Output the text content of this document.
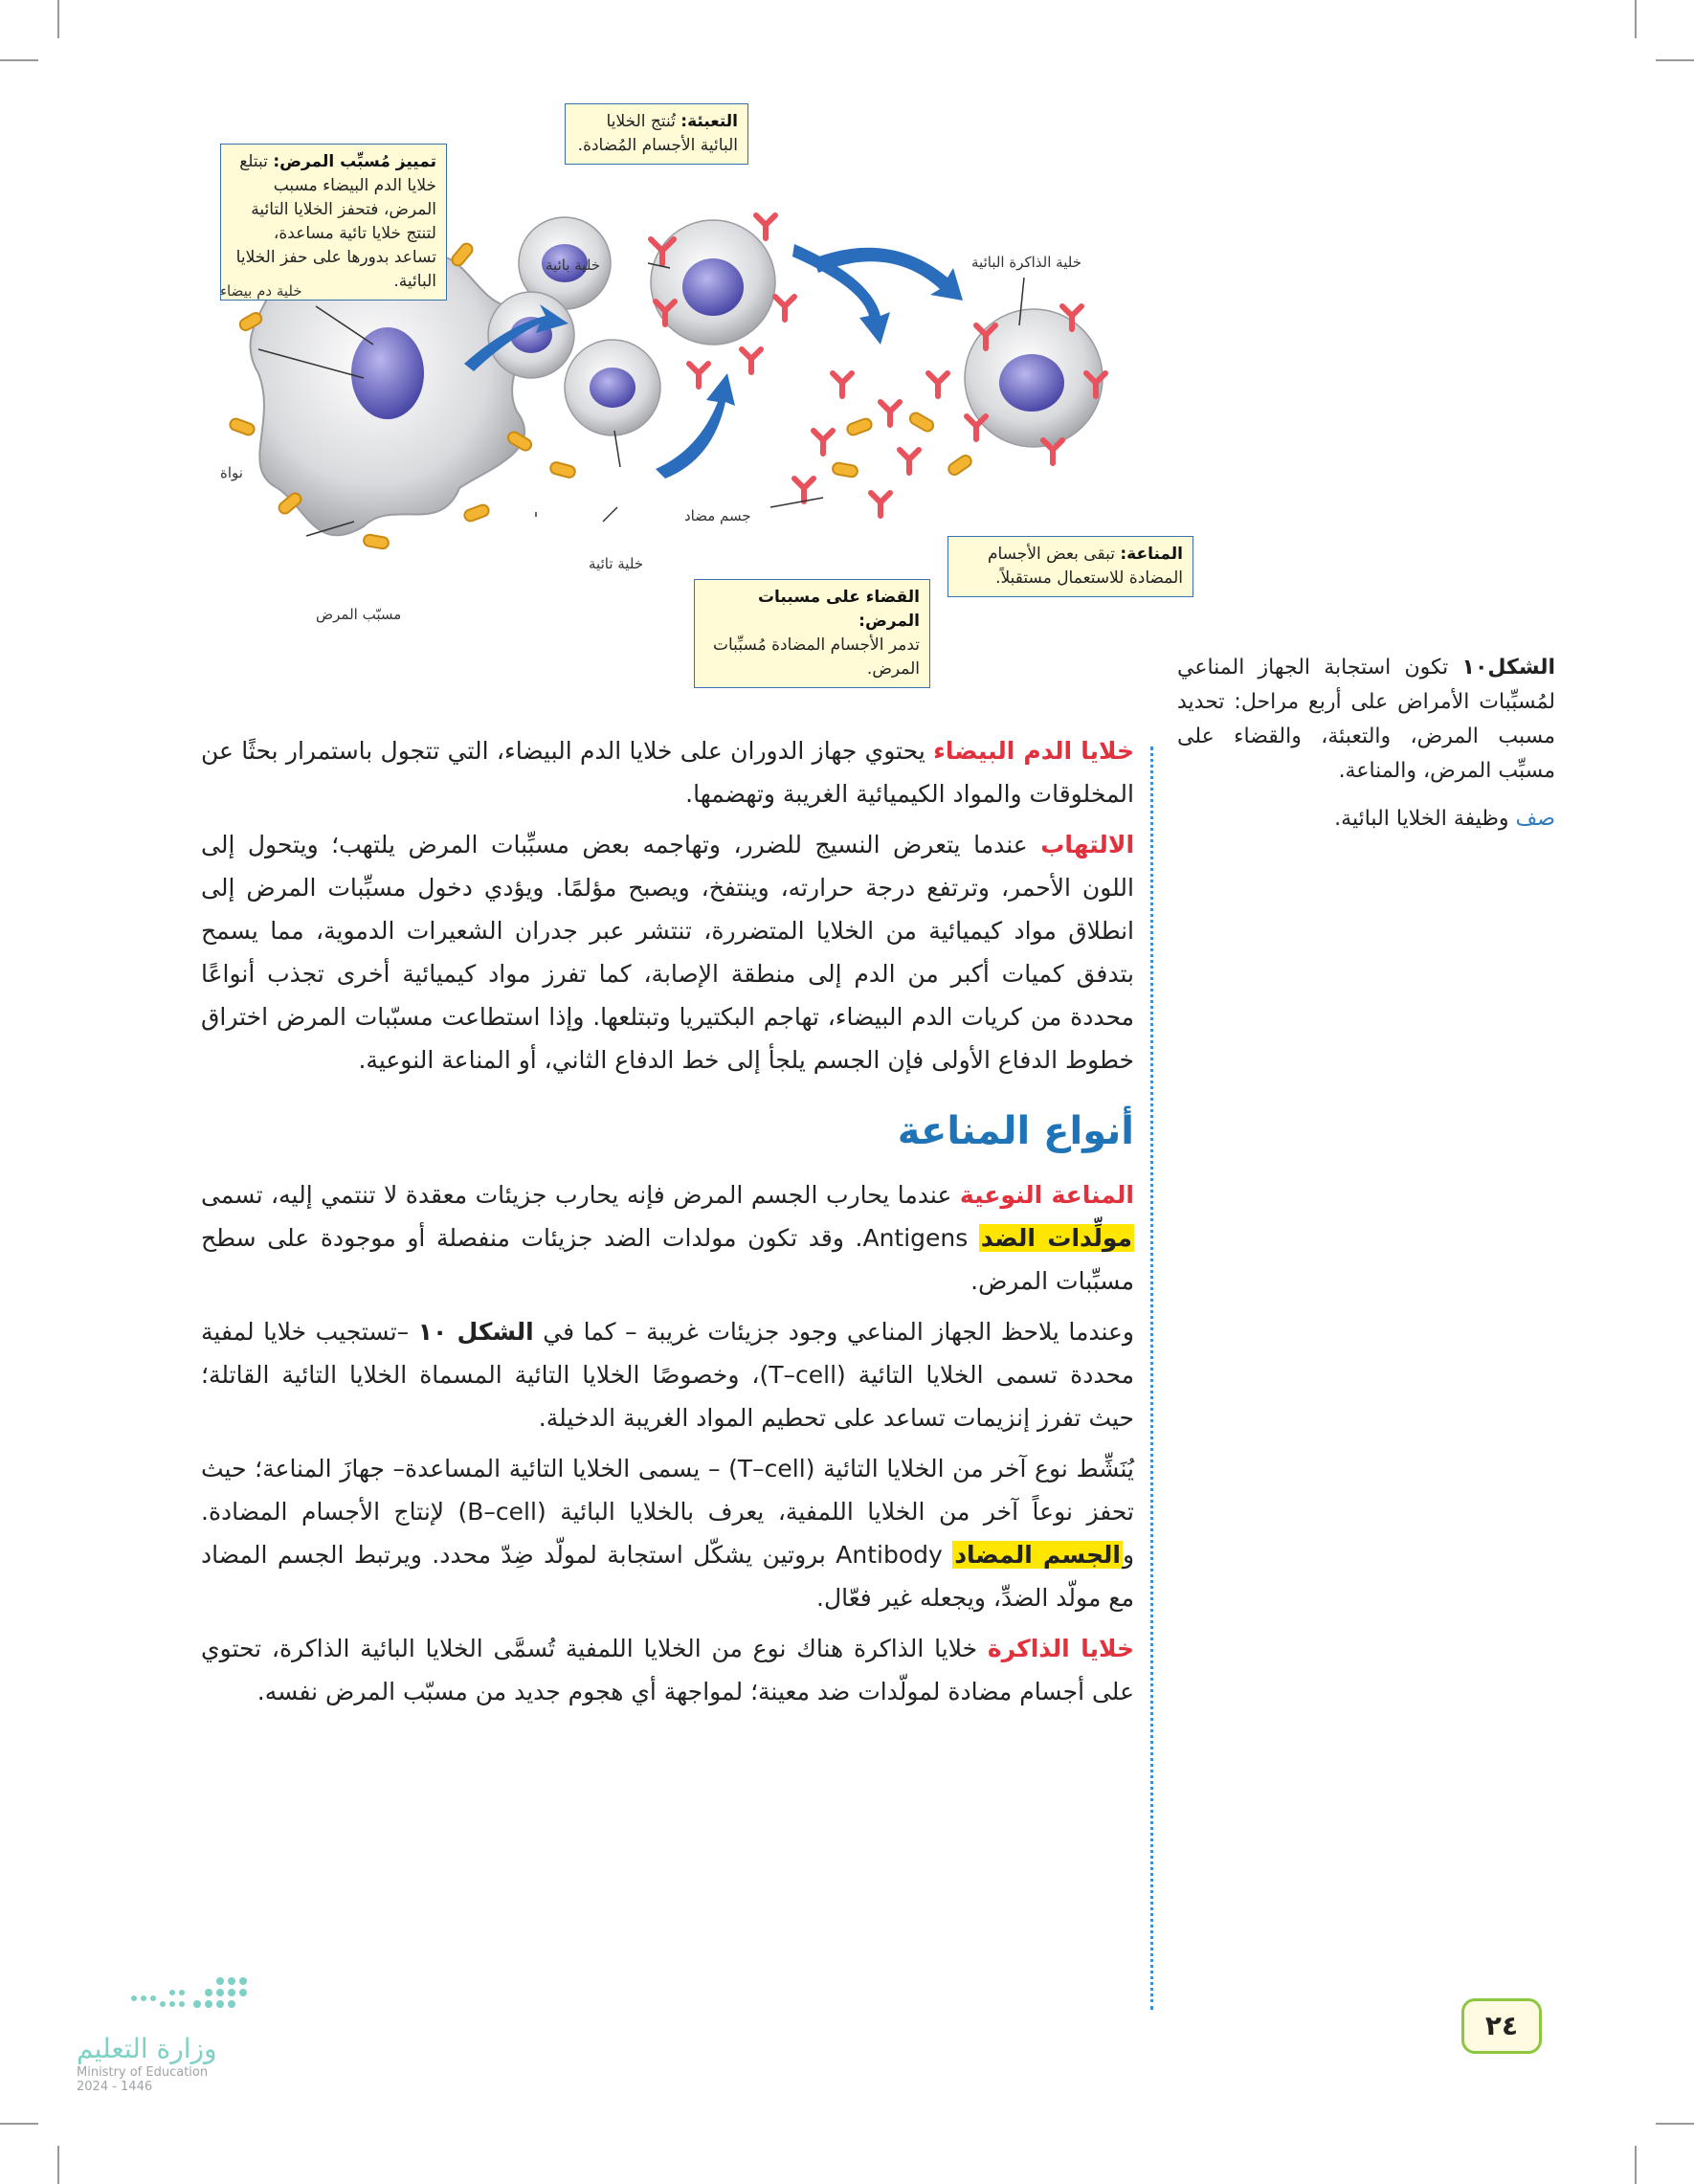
التعبئة: تُنتج الخلايا البائية الأجسام المُضادة.
تمييز مُسبِّب المرض: تبتلع خلايا الدم البيضاء مسبب المرض، فتحفز الخلايا التائية لتنتج خلايا تائية مساعدة، تساعد بدورها على حفز الخلايا البائية.
القضاء على مسببات المرض:
تدمر الأجسام المضادة مُسبِّبات المرض.
المناعة: تبقى بعض الأجسام المضادة للاستعمال مستقبلاً.
خلية دم بيضاء
نواة
مسبّب المرض
خلية تائية
خلية بائية
جسم مضاد
خلية الذاكرة البائية
الشكل١٠ تكون استجابة الجهاز المناعي لمُسبِّبات الأمراض على أربع مراحل: تحديد مسبب المرض، والتعبئة، والقضاء على مسبِّب المرض، والمناعة.
صف وظيفة الخلايا البائية.

خلايا الدم البيضاء يحتوي جهاز الدوران على خلايا الدم البيضاء، التي تتجول باستمرار بحثًا عن المخلوقات والمواد الكيميائية الغريبة وتهضمها.

الالتهاب عندما يتعرض النسيج للضرر، وتهاجمه بعض مسبِّبات المرض يلتهب؛ ويتحول إلى اللون الأحمر، وترتفع درجة حرارته، وينتفخ، ويصبح مؤلمًا. ويؤدي دخول مسبِّبات المرض إلى انطلاق مواد كيميائية من الخلايا المتضررة، تنتشر عبر جدران الشعيرات الدموية، مما يسمح بتدفق كميات أكبر من الدم إلى منطقة الإصابة، كما تفرز مواد كيميائية أخرى تجذب أنواعًا محددة من كريات الدم البيضاء، تهاجم البكتيريا وتبتلعها. وإذا استطاعت مسبّبات المرض اختراق خطوط الدفاع الأولى فإن الجسم يلجأ إلى خط الدفاع الثاني، أو المناعة النوعية.

أنواع المناعة

المناعة النوعية عندما يحارب الجسم المرض فإنه يحارب جزيئات معقدة لا تنتمي إليه، تسمى مولِّدات الضد Antigens. وقد تكون مولدات الضد جزيئات منفصلة أو موجودة على سطح مسبِّبات المرض.

وعندما يلاحظ الجهاز المناعي وجود جزيئات غريبة – كما في الشكل ١٠ –تستجيب خلايا لمفية محددة تسمى الخلايا التائية (T–cell)، وخصوصًا الخلايا التائية المسماة الخلايا التائية القاتلة؛ حيث تفرز إنزيمات تساعد على تحطيم المواد الغريبة الدخيلة.

يُنَشِّط نوع آخر من الخلايا التائية (T–cell) – يسمى الخلايا التائية المساعدة– جهازَ المناعة؛ حيث تحفز نوعاً آخر من الخلايا اللمفية، يعرف بالخلايا البائية (B–cell) لإنتاج الأجسام المضادة. والجسم المضاد Antibody بروتين يشكّل استجابة لمولّد ضِدّ محدد. ويرتبط الجسم المضاد مع مولّد الضدِّ، ويجعله غير فعّال.

خلايا الذاكرة خلايا الذاكرة هناك نوع من الخلايا اللمفية تُسمَّى الخلايا البائية الذاكرة، تحتوي على أجسام مضادة لمولّدات ضد معينة؛ لمواجهة أي هجوم جديد من مسبّب المرض نفسه.

٢٤
وزارة التعليم
Ministry of Education
2024 - 1446
